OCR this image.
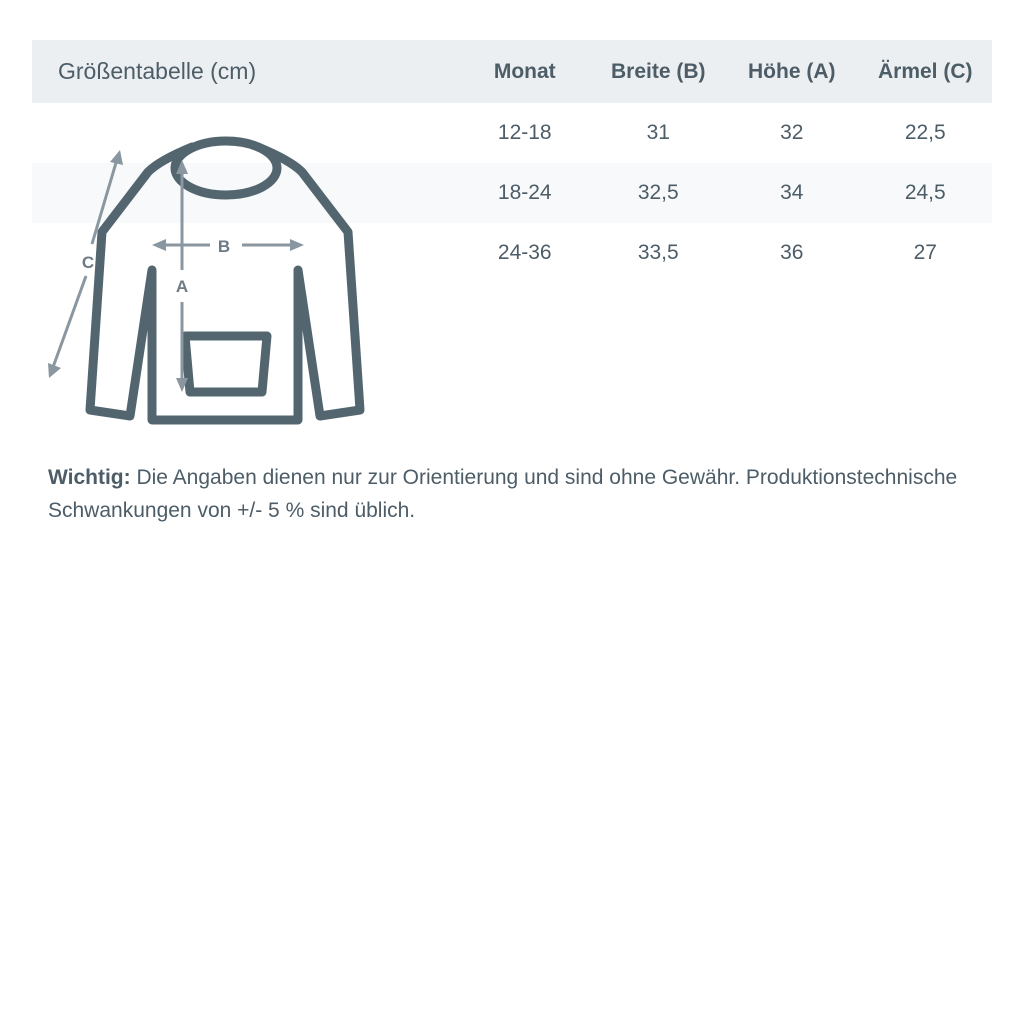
Größentabelle (cm)	Monat	Breite (B)	Höhe (A)	Ärmel (C)
	12-18	31	32	22,5
	18-24	32,5	34	24,5
	24-36	33,5	36	27
B
A
C
Wichtig: Die Angaben dienen nur zur Orientierung und sind ohne Gewähr. Produktionstechnische Schwankungen von +/- 5 % sind üblich.
